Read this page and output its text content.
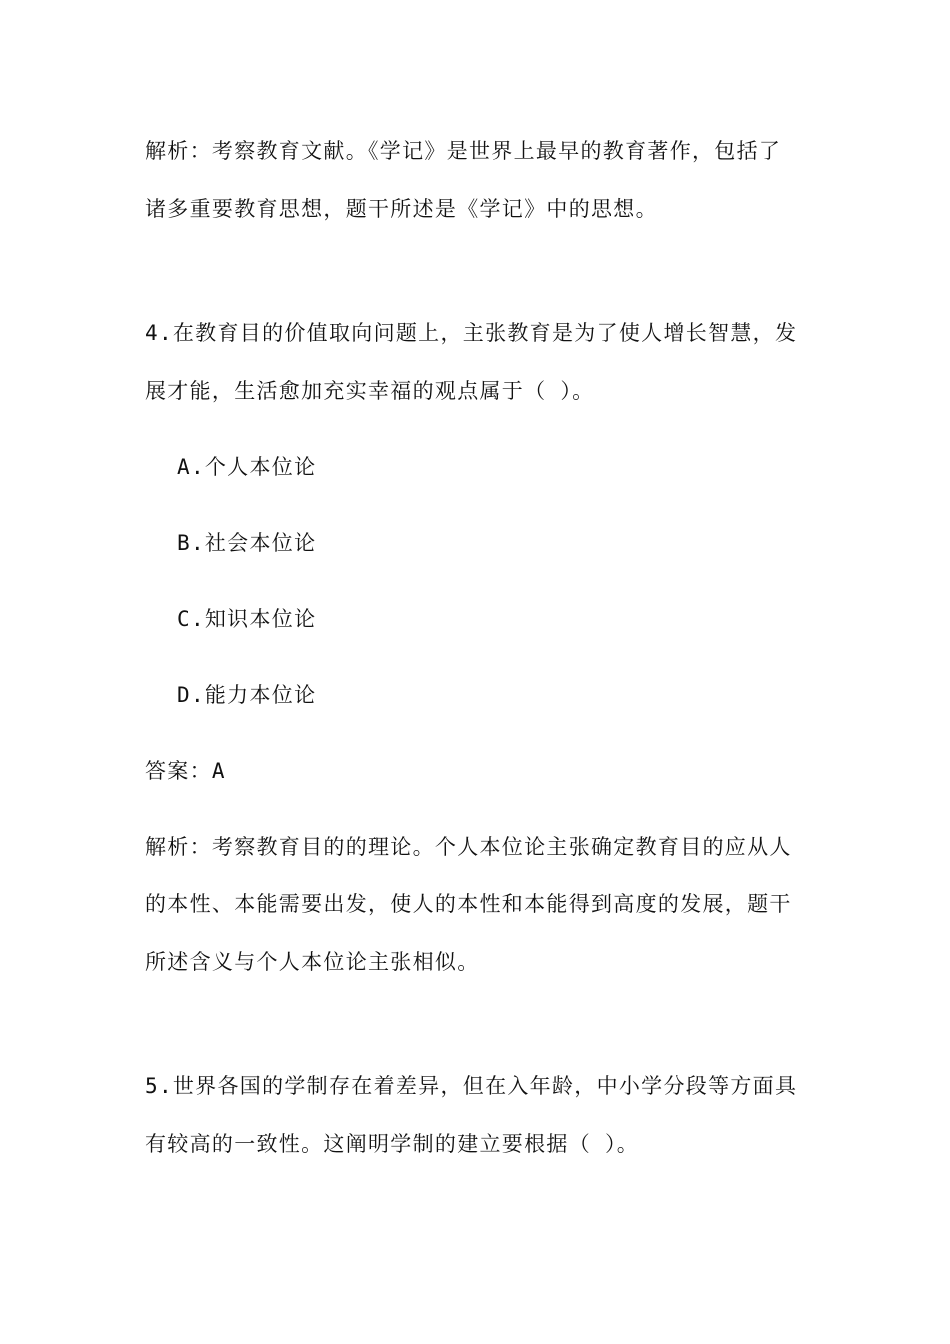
解析：考察教育文献。《学记》是世界上最早的教育著作，包括了
诸多重要教育思想，题干所述是《学记》中的思想。
4.在教育目的价值取向问题上，主张教育是为了使人增长智慧，发
展才能，生活愈加充实幸福的观点属于（ ）。
A.个人本位论
B.社会本位论
C.知识本位论
D.能力本位论
答案：A
解析：考察教育目的的理论。个人本位论主张确定教育目的应从人
的本性、本能需要出发，使人的本性和本能得到高度的发展，题干
所述含义与个人本位论主张相似。
5.世界各国的学制存在着差异，但在入年龄，中小学分段等方面具
有较高的一致性。这阐明学制的建立要根据（ ）。
